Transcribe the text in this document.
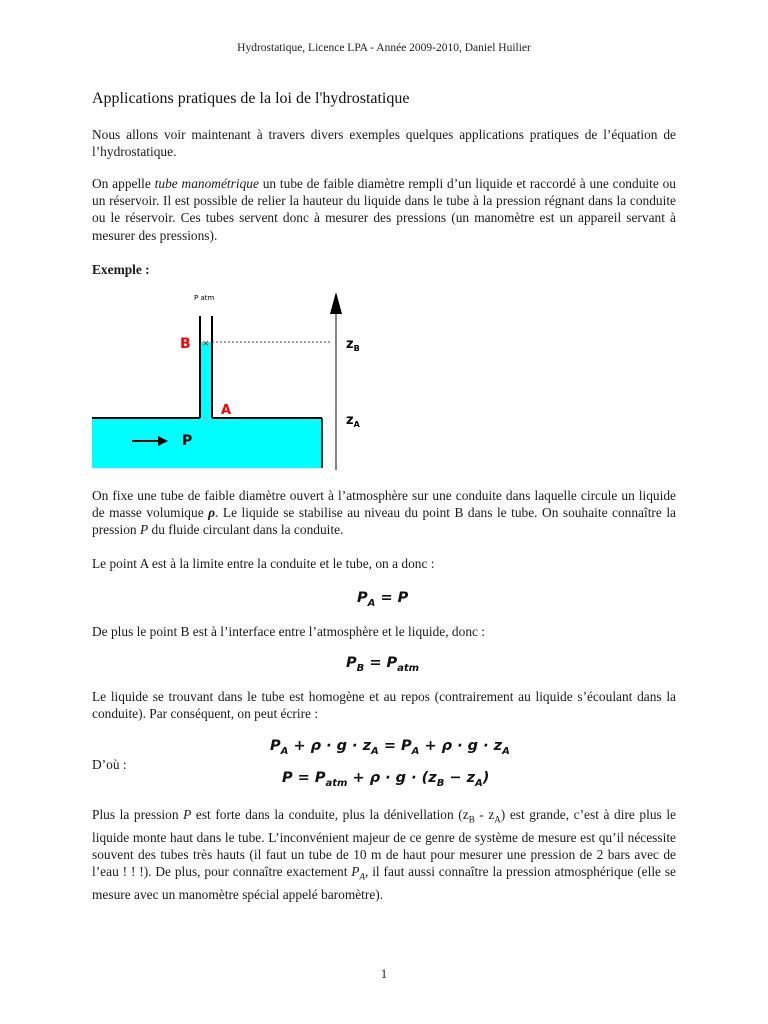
Hydrostatique, Licence LPA - Année 2009-2010, Daniel Huilier
Applications pratiques de la loi de l'hydrostatique

Nous allons voir maintenant à travers divers exemples quelques applications pratiques de l’équation de l’hydrostatique.

On appelle tube manométrique un tube de faible diamètre rempli d’un liquide et raccordé à une conduite ou un réservoir. Il est possible de relier la hauteur du liquide dans le tube à la pression régnant dans la conduite ou le réservoir. Ces tubes servent donc à mesurer des pressions (un manomètre est un appareil servant à mesurer des pressions).

Exemple :
P atm
×
×
B
A
P
$z_B$
$z_A$

On fixe une tube de faible diamètre ouvert à l’atmosphère sur une conduite dans laquelle circule un liquide de masse volumique ρ. Le liquide se stabilise au niveau du point B dans le tube. On souhaite connaître la pression P du fluide circulant dans la conduite.

Le point A est à la limite entre la conduite et le tube, on a donc :
$P_A = P$
De plus le point B est à l’interface entre l’atmosphère et le liquide, donc :
$P_B = P_{atm}$

Le liquide se trouvant dans le tube est homogène et au repos (contrairement au liquide s’écoulant dans la conduite). Par conséquent, on peut écrire :

$P_A + \rho \cdot g \cdot z_A = P_A + \rho \cdot g \cdot z_A$
D’où :
$P = P_{atm} + \rho \cdot g \cdot (z_B - z_A)$

Plus la pression P est forte dans la conduite, plus la dénivellation $(z_B - z_A)$ est grande, c’est à dire plus le liquide monte haut dans le tube. L’inconvénient majeur de ce genre de système de mesure est qu’il nécessite souvent des tubes très hauts (il faut un tube de 10 m de haut pour mesurer une pression de 2 bars avec de l’eau ! ! !). De plus, pour connaître exactement $P_A$, il faut aussi connaître la pression atmosphérique (elle se mesure avec un manomètre spécial appelé baromètre).

1
